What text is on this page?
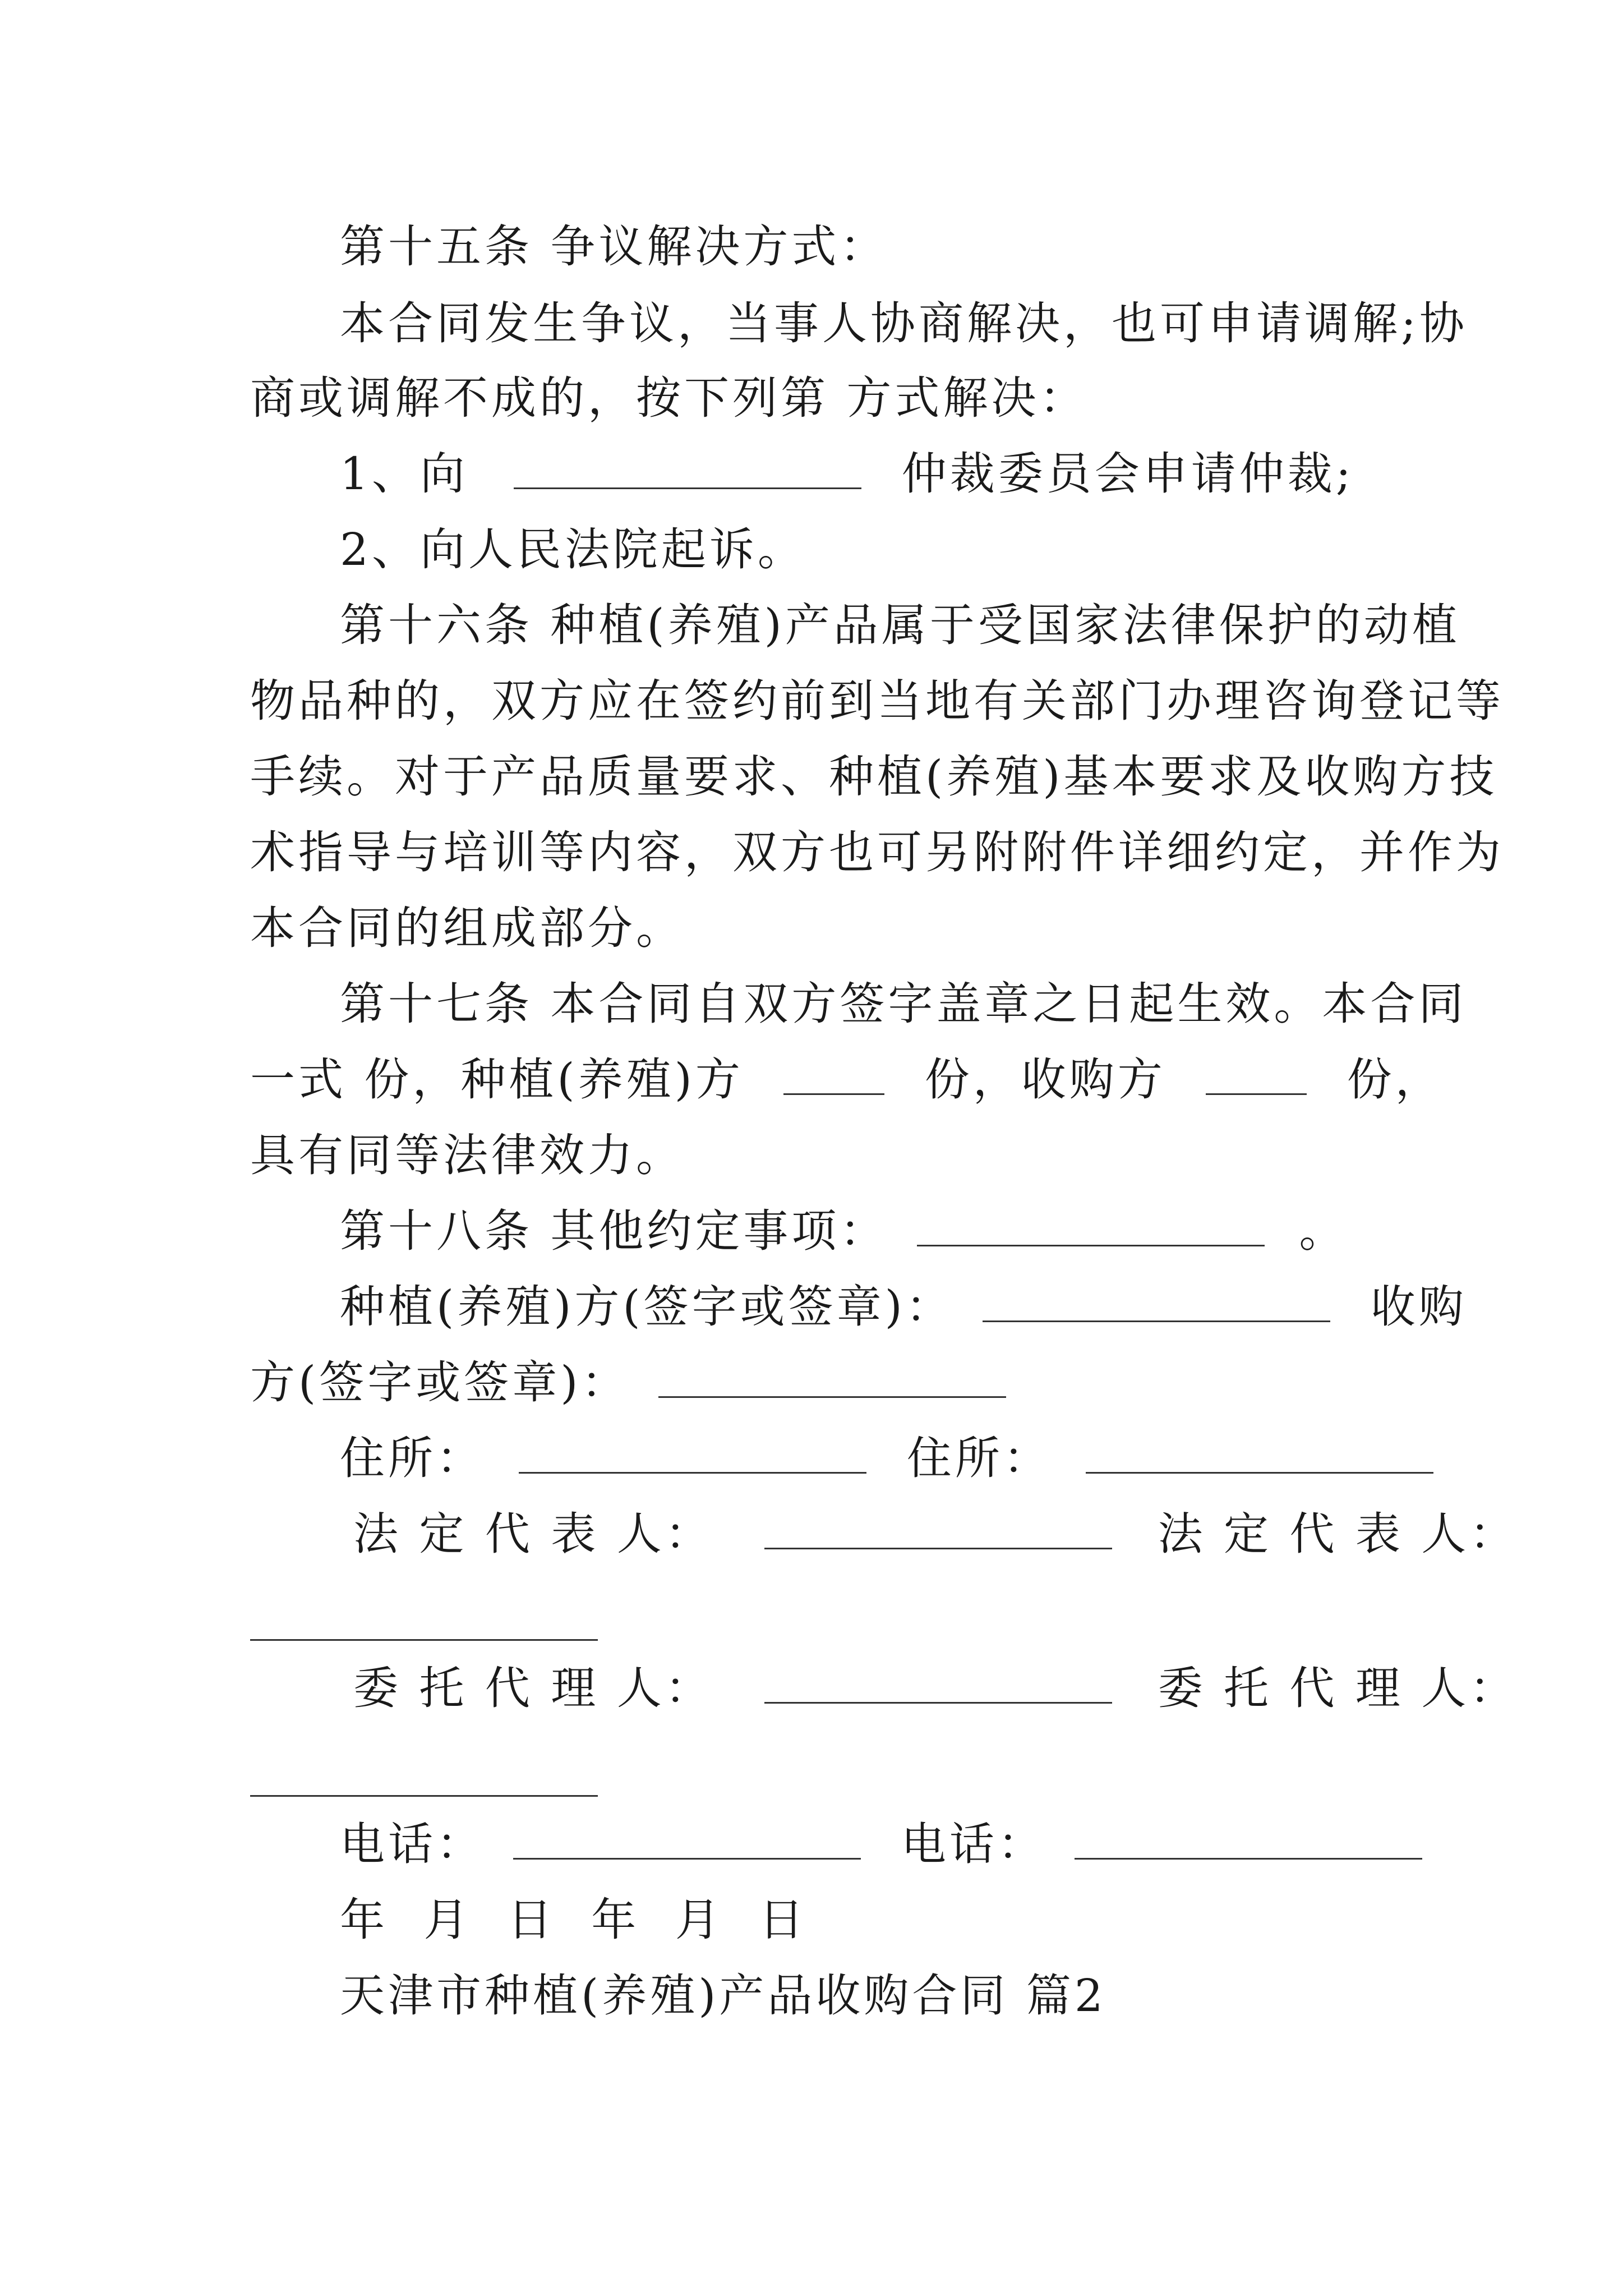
第十五条 争议解决方式：
本合同发生争议，当事人协商解决，也可申请调解;协
商或调解不成的，按下列第 方式解决：
1、向	仲裁委员会申请仲裁;
2、向人民法院起诉。
第十六条 种植(养殖)产品属于受国家法律保护的动植
物品种的，双方应在签约前到当地有关部门办理咨询登记等
手续。对于产品质量要求、种植(养殖)基本要求及收购方技
术指导与培训等内容，双方也可另附附件详细约定，并作为
本合同的组成部分。
第十七条 本合同自双方签字盖章之日起生效。本合同
一式 份，种植(养殖)方	份，收购方	份，
具有同等法律效力。
第十八条 其他约定事项：	。
种植(养殖)方(签字或签章)：	收购
方(签字或签章)：
住所：	住所：
法 定 代 表 人：	法 定 代 表 人：
委 托 代 理 人：	委 托 代 理 人：
电话：	电话：
年 月 日 年 月 日
天津市种植(养殖)产品收购合同 篇2
